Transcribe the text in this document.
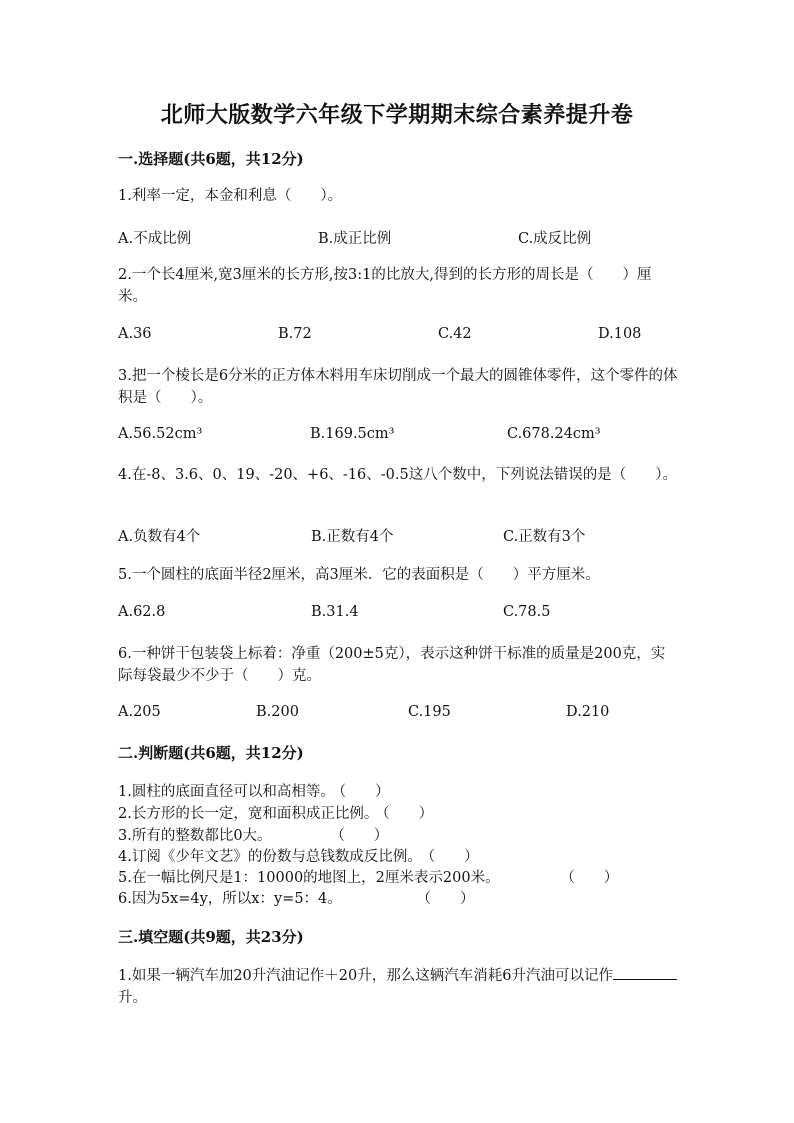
北师大版数学六年级下学期期末综合素养提升卷
一.选择题(共6题，共12分)
1.利率一定，本金和利息（　　）。
A.不成比例	B.成正比例	C.成反比例
2.一个长4厘米,宽3厘米的长方形,按3:1的比放大,得到的长方形的周长是（　　）厘米。
A.36	B.72	C.42	D.108
3.把一个棱长是6分米的正方体木料用车床切削成一个最大的圆锥体零件，这个零件的体积是（　　）。
A.56.52cm³	B.169.5cm³	C.678.24cm³
4.在-8、3.6、0、19、-20、+6、-16、-0.5这八个数中，下列说法错误的是（　　）。
A.负数有4个	B.正数有4个	C.正数有3个
5.一个圆柱的底面半径2厘米，高3厘米．它的表面积是（　　）平方厘米。
A.62.8	B.31.4	C.78.5
6.一种饼干包装袋上标着：净重（200±5克），表示这种饼干标准的质量是200克，实际每袋最少不少于（　　）克。
A.205	B.200	C.195	D.210
二.判断题(共6题，共12分)
1.圆柱的底面直径可以和高相等。 （　　）
2.长方形的长一定，宽和面积成正比例。 （　　）
3.所有的整数都比0大。	（　　）
4.订阅《少年文艺》的份数与总钱数成反比例。 （　　）
5.在一幅比例尺是1：10000的地图上，2厘米表示200米。	（　　）
6.因为5x=4y，所以x：y=5：4。	（　　）
三.填空题(共9题，共23分)
1.如果一辆汽车加20升汽油记作＋20升，那么这辆汽车消耗6升汽油可以记作升。
